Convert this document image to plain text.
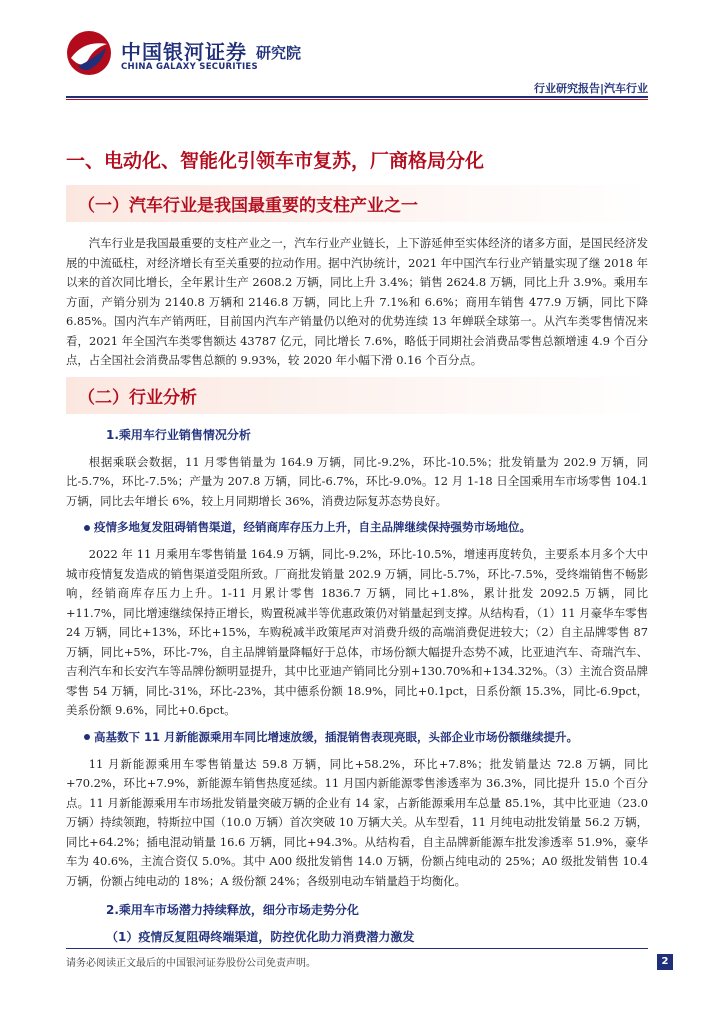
中国银河证券
CHINA GALAXY SECURITIES
研究院
行业研究报告|汽车行业
一、电动化、智能化引领车市复苏，厂商格局分化
（一）汽车行业是我国最重要的支柱产业之一

汽车行业是我国最重要的支柱产业之一，汽车行业产业链长，上下游延伸至实体经济的诸多方面，是国民经济发展的中流砥柱，对经济增长有至关重要的拉动作用。据中汽协统计，2021 年中国汽车行业产销量实现了继 2018 年以来的首次同比增长，全年累计生产 2608.2 万辆，同比上升 3.4%；销售 2624.8 万辆，同比上升 3.9%。乘用车方面，产销分别为 2140.8 万辆和 2146.8 万辆，同比上升 7.1%和 6.6%；商用车销售 477.9 万辆，同比下降 6.85%。国内汽车产销两旺，目前国内汽车产销量仍以绝对的优势连续 13 年蝉联全球第一。从汽车类零售情况来看，2021 年全国汽车类零售额达 43787 亿元，同比增长 7.6%，略低于同期社会消费品零售总额增速 4.9 个百分点，占全国社会消费品零售总额的 9.93%，较 2020 年小幅下滑 0.16 个百分点。

（二）行业分析
1.乘用车行业销售情况分析

根据乘联会数据，11 月零售销量为 164.9 万辆，同比-9.2%，环比-10.5%；批发销量为 202.9 万辆，同比-5.7%，环比-7.5%；产量为 207.8 万辆，同比-6.7%，环比-9.0%。12 月 1-18 日全国乘用车市场零售 104.1 万辆，同比去年增长 6%，较上月同期增长 36%，消费边际复苏态势良好。

疫情多地复发阻碍销售渠道，经销商库存压力上升，自主品牌继续保持强势市场地位。

2022 年 11 月乘用车零售销量 164.9 万辆，同比-9.2%，环比-10.5%，增速再度转负，主要系本月多个大中城市疫情复发造成的销售渠道受阻所致。厂商批发销量 202.9 万辆，同比-5.7%，环比-7.5%，受终端销售不畅影响，经销商库存压力上升。1-11 月累计零售 1836.7 万辆，同比+1.8%，累计批发 2092.5 万辆，同比+11.7%，同比增速继续保持正增长，购置税减半等优惠政策仍对销量起到支撑。从结构看，（1）11 月豪华车零售 24 万辆，同比+13%，环比+15%，车购税减半政策尾声对消费升级的高端消费促进较大；（2）自主品牌零售 87 万辆，同比+5%，环比-7%，自主品牌销量降幅好于总体，市场份额大幅提升态势不减，比亚迪汽车、奇瑞汽车、吉利汽车和长安汽车等品牌份额明显提升，其中比亚迪产销同比分别+130.70%和+134.32%。（3）主流合资品牌零售 54 万辆，同比-31%，环比-23%，其中德系份额 18.9%，同比+0.1pct，日系份额 15.3%，同比-6.9pct，美系份额 9.6%，同比+0.6pct。

高基数下 11 月新能源乘用车同比增速放缓，插混销售表现亮眼，头部企业市场份额继续提升。

11 月新能源乘用车零售销量达 59.8 万辆，同比+58.2%，环比+7.8%；批发销量达 72.8 万辆，同比+70.2%，环比+7.9%，新能源车销售热度延续。11 月国内新能源零售渗透率为 36.3%，同比提升 15.0 个百分点。11 月新能源乘用车市场批发销量突破万辆的企业有 14 家，占新能源乘用车总量 85.1%，其中比亚迪（23.0 万辆）持续领跑，特斯拉中国（10.0 万辆）首次突破 10 万辆大关。从车型看，11 月纯电动批发销量 56.2 万辆，同比+64.2%；插电混动销量 16.6 万辆，同比+94.3%。从结构看，自主品牌新能源车批发渗透率 51.9%，豪华车为 40.6%，主流合资仅 5.0%。其中 A00 级批发销售 14.0 万辆，份额占纯电动的 25%；A0 级批发销售 10.4 万辆，份额占纯电动的 18%；A 级份额 24%；各级别电动车销量趋于均衡化。

2.乘用车市场潜力持续释放，细分市场走势分化
（1）疫情反复阻碍终端渠道，防控优化助力消费潜力激发
请务必阅读正文最后的中国银河证券股份公司免责声明。	2
